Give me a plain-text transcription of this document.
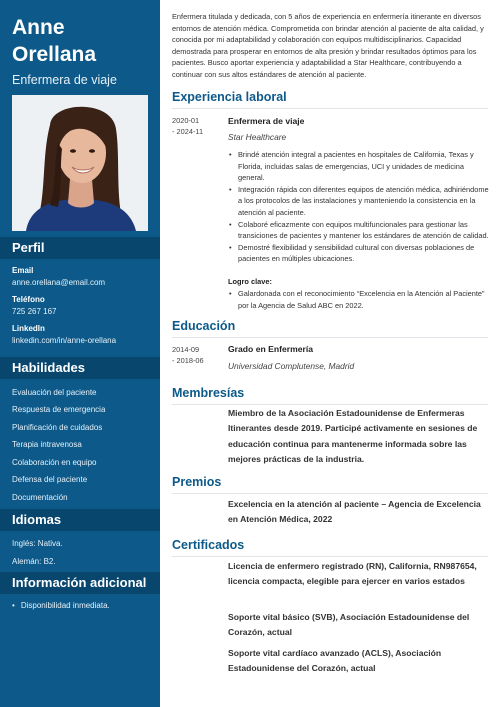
Anne
Orellana
Enfermera de viaje
Perfil
Email
anne.orellana@email.com
Teléfono
725 267 167
LinkedIn
linkedin.com/in/anne-orellana
Habilidades
Evaluación del paciente
Respuesta de emergencia
Planificación de cuidados
Terapia intravenosa
Colaboración en equipo
Defensa del paciente
Documentación
Idiomas
Inglés: Nativa.
Alemán: B2.
Información adicional
• Disponibilidad inmediata.

Enfermera titulada y dedicada, con 5 años de experiencia en enfermería itinerante en diversos entornos de atención médica. Comprometida con brindar atención al paciente de alta calidad, y conocida por mi adaptabilidad y colaboración con equipos multidisciplinarios. Capacidad demostrada para prosperar en entornos de alta presión y brindar resultados óptimos para los pacientes. Busco aportar experiencia y adaptabilidad a Star Healthcare, contribuyendo a continuar con sus altos estándares de atención al paciente.

Experiencia laboral
2020-01
- 2024-11
Enfermera de viaje
Star Healthcare
• Brindé atención integral a pacientes en hospitales de California, Texas y Florida, incluidas salas de emergencias, UCI y unidades de medicina general.
• Integración rápida con diferentes equipos de atención médica, adhiriéndome a los protocolos de las instalaciones y manteniendo la consistencia en la atención al paciente.
• Colaboré eficazmente con equipos multifuncionales para gestionar las transiciones de pacientes y mantener los estándares de atención de calidad.
• Demostré flexibilidad y sensibilidad cultural con diversas poblaciones de pacientes en múltiples ubicaciones.
Logro clave:
• Galardonada con el reconocimiento “Excelencia en la Atención al Paciente” por la Agencia de Salud ABC en 2022.
Educación
2014-09
- 2018-06
Grado en Enfermería
Universidad Complutense, Madrid
Membresías

Miembro de la Asociación Estadounidense de Enfermeras Itinerantes desde 2019. Participé activamente en sesiones de educación continua para mantenerme informada sobre las mejores prácticas de la industria.

Premios

Excelencia en la atención al paciente – Agencia de Excelencia en Atención Médica, 2022

Certificados

Licencia de enfermero registrado (RN), California, RN987654, licencia compacta, elegible para ejercer en varios estados

Soporte vital básico (SVB), Asociación Estadounidense del Corazón, actual

Soporte vital cardíaco avanzado (ACLS), Asociación Estadounidense del Corazón, actual
